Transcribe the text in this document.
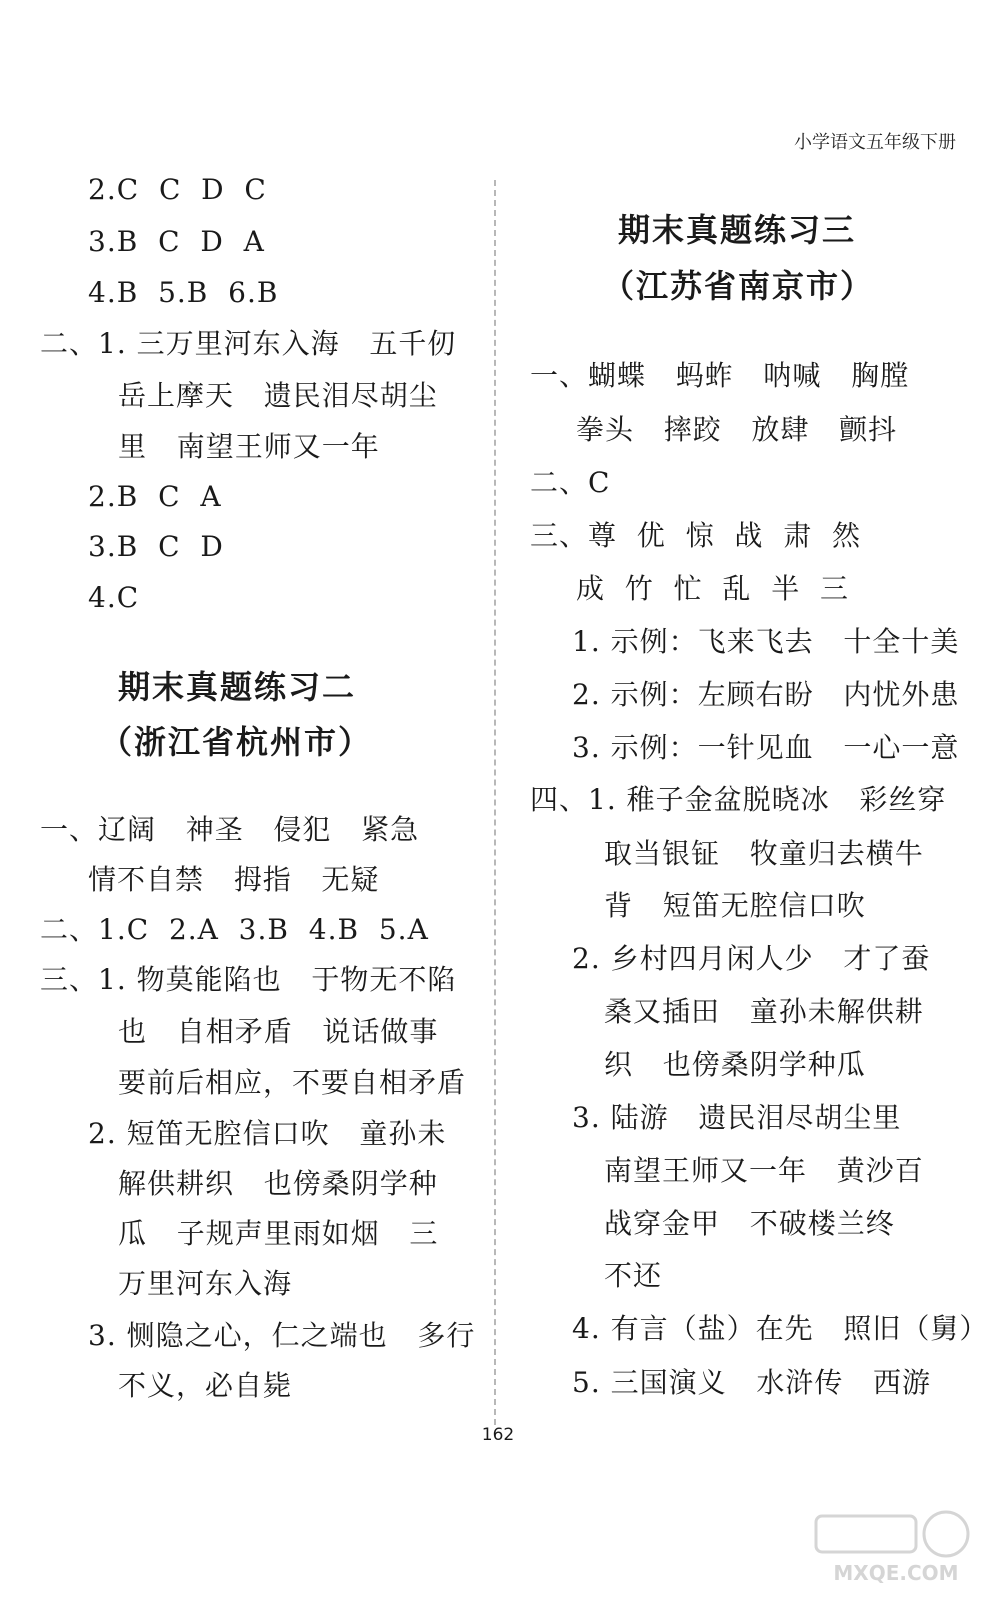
小学语文五年级下册
2.C  C  D  C
3.B  C  D  A
4.B  5.B  6.B
二、1. 三万里河东入海   五千仞
岳上摩天   遗民泪尽胡尘
里   南望王师又一年
2.B  C  A
3.B  C  D
4.C
期末真题练习二
（浙江省杭州市）
一、辽阔   神圣   侵犯   紧急
情不自禁   拇指   无疑
二、1.C  2.A  3.B  4.B  5.A
三、1. 物莫能陷也   于物无不陷
也   自相矛盾   说话做事
要前后相应，不要自相矛盾
2. 短笛无腔信口吹   童孙未
解供耕织   也傍桑阴学种
瓜   子规声里雨如烟   三
万里河东入海
3. 恻隐之心，仁之端也   多行
不义，必自毙
期末真题练习三
（江苏省南京市）
一、蝴蝶   蚂蚱   呐喊   胸膛
拳头   摔跤   放肆   颤抖
二、C
三、尊  优  惊  战  肃  然
成  竹  忙  乱  半  三
1. 示例：飞来飞去   十全十美
2. 示例：左顾右盼   内忧外患
3. 示例：一针见血   一心一意
四、1. 稚子金盆脱晓冰   彩丝穿
取当银钲   牧童归去横牛
背   短笛无腔信口吹
2. 乡村四月闲人少   才了蚕
桑又插田   童孙未解供耕
织   也傍桑阴学种瓜
3. 陆游   遗民泪尽胡尘里
南望王师又一年   黄沙百
战穿金甲   不破楼兰终
不还
4. 有言（盐）在先   照旧（舅）
5. 三国演义   水浒传   西游
162
MXQE.COM
